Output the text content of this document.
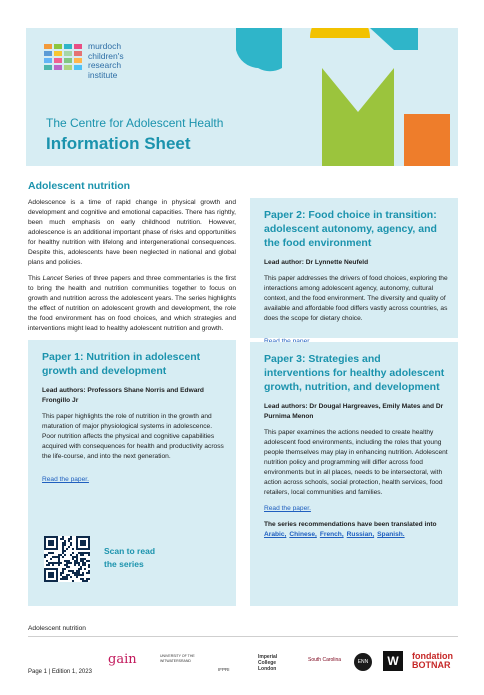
murdoch
children's
research
institute
The Centre for Adolescent Health
Information Sheet
Adolescent nutrition

Adolescence is a time of rapid change in physical growth and development and cognitive and emotional capacities. There has rightly, been much emphasis on early childhood nutrition. However, adolescence is an additional important phase of risks and opportunities for healthy nutrition with lifelong and intergenerational consequences. Despite this, adolescents have been neglected in national and global plans and policies.

This Lancet Series of three papers and three commentaries is the first to bring the health and nutrition communities together to focus on growth and nutrition across the adolescent years. The series highlights the effect of nutrition on adolescent growth and development, the role the food environment has on food choices, and which strategies and interventions might lead to healthy adolescent nutrition and growth.

Paper 1: Nutrition in adolescent growth and development
Lead authors: Professors Shane Norris and Edward Frongillo Jr

This paper highlights the role of nutrition in the growth and maturation of major physiological systems in adolescence. Poor nutrition affects the physical and cognitive capabilities acquired with consequences for health and productivity across the life-course, and into the next generation.

Read the paper.
Scan to read
the series
Paper 2: Food choice in transition: adolescent autonomy, agency, and the food environment
Lead author: Dr Lynnette Neufeld

This paper addresses the drivers of food choices, exploring the interactions among adolescent agency, autonomy, cultural context, and the food environment. The diversity and quality of available and affordable food differs vastly across countries, as does the scope for dietary choice.

Paper 3: Strategies and interventions for healthy adolescent growth, nutrition, and development
Lead authors: Dr Dougal Hargreaves, Emily Mates and Dr Purnima Menon

This paper examines the actions needed to create healthy adolescent food environments, including the roles that young people themselves may play in enhancing nutrition. Adolescent nutrition policy and programming will differ across food environments but in all places, needs to be intersectoral, with action across schools, social protection, health services, food retailers, local communities and families.

Read the paper.

The series recommendations have been translated into Arabic, Chinese, French, Russian, Spanish.

Adolescent nutrition
Page 1 | Edition 1, 2023
gain	UNIVERSITY OF THE WITWATERSRAND
IFPRI
Imperial College London
South Carolina	ENN	W	fondation BOTNAR
